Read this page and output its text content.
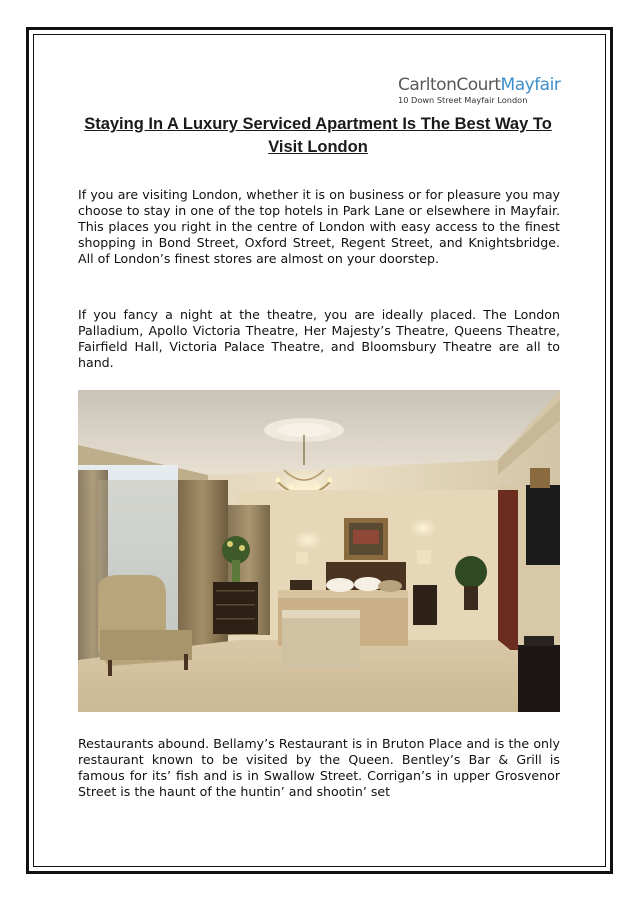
CarltonCourtMayfair
10 Down Street Mayfair London
Staying In A Luxury Serviced Apartment Is The Best Way To Visit London

If you are visiting London, whether it is on business or for pleasure you may choose to stay in one of the top hotels in Park Lane or elsewhere in Mayfair. This places you right in the centre of London with easy access to the finest shopping in Bond Street, Oxford Street, Regent Street, and Knightsbridge. All of London’s finest stores are almost on your doorstep.

If you fancy a night at the theatre, you are ideally placed. The London Palladium, Apollo Victoria Theatre, Her Majesty’s Theatre, Queens Theatre, Fairfield Hall, Victoria Palace Theatre, and Bloomsbury Theatre are all to hand.

Restaurants abound. Bellamy’s Restaurant is in Bruton Place and is the only restaurant known to be visited by the Queen. Bentley’s Bar & Grill is famous for its’ fish and is in Swallow Street. Corrigan’s in upper Grosvenor Street is the haunt of the huntin’ and shootin’ set
